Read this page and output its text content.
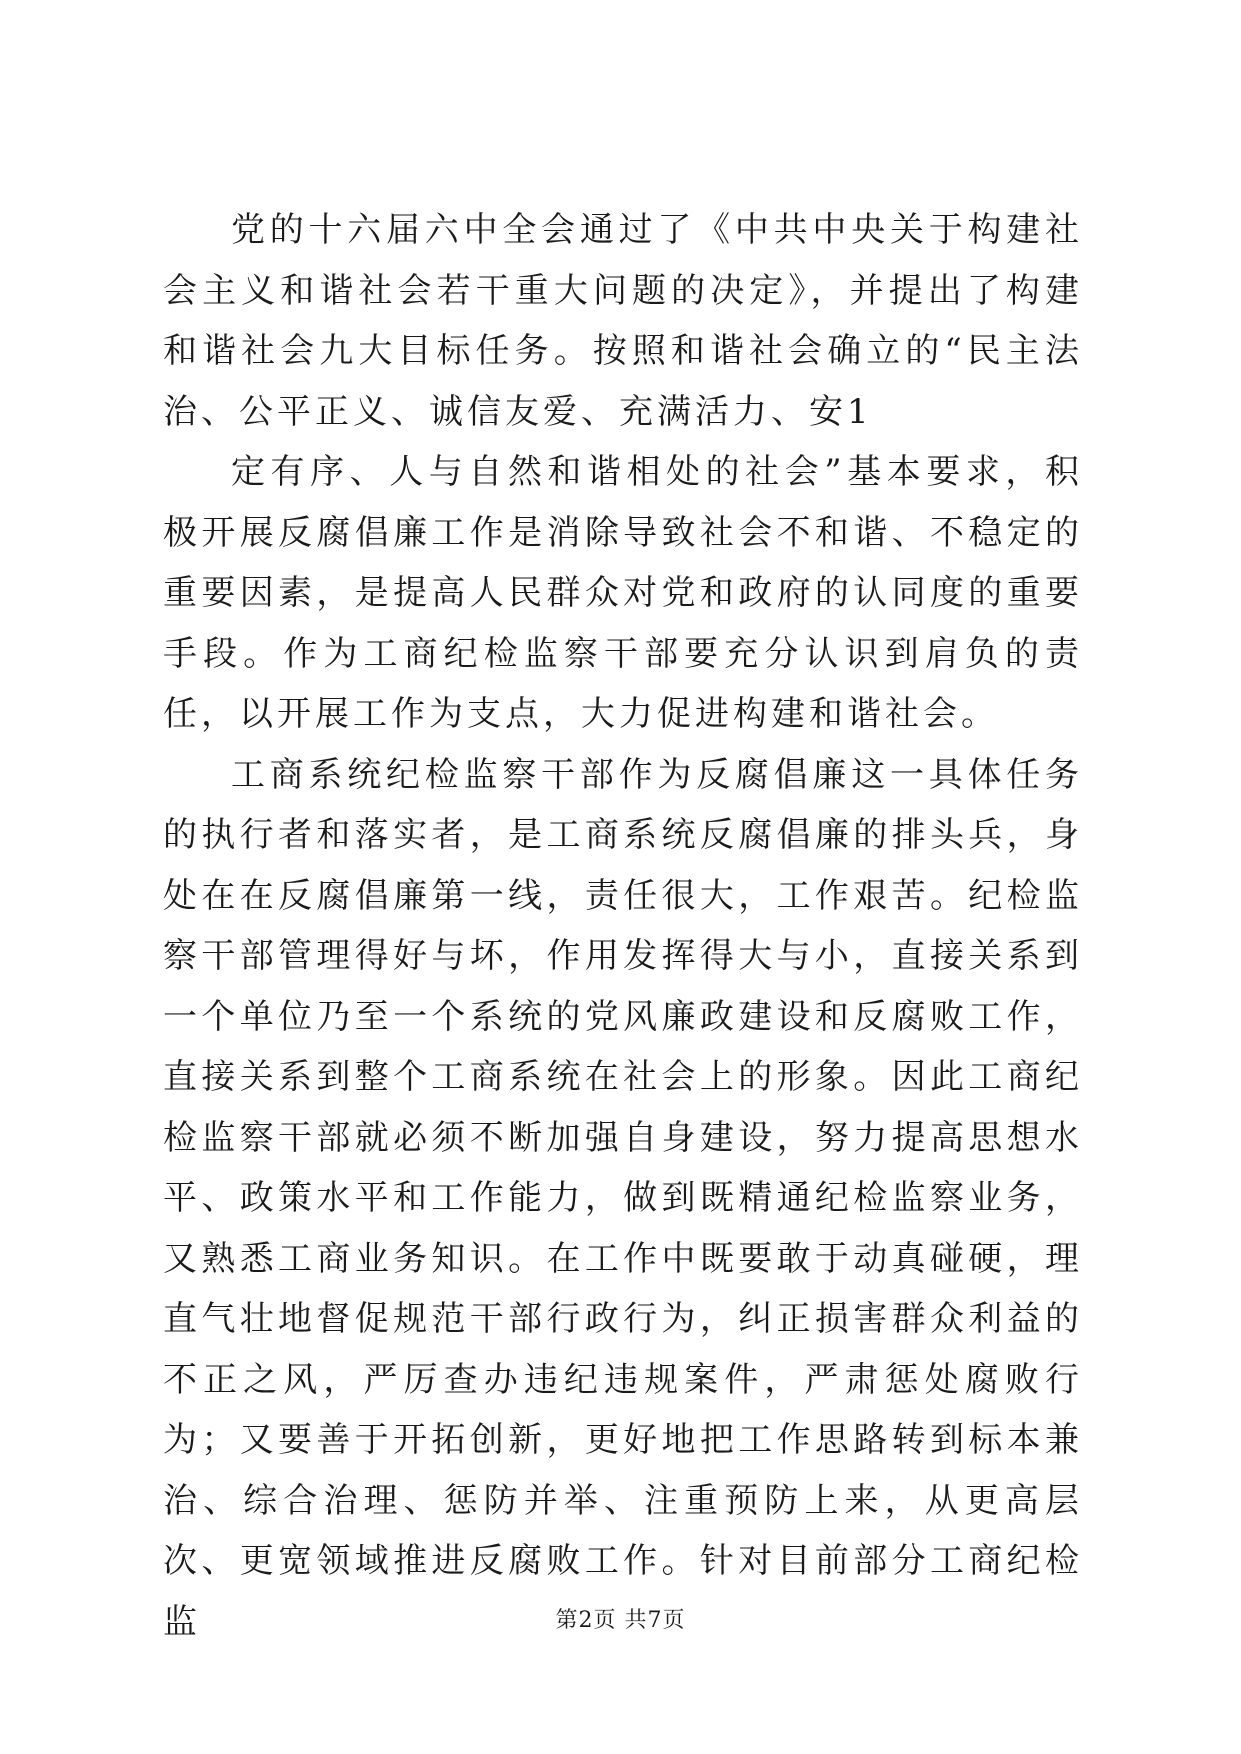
党的十六届六中全会通过了《中共中央关于构建社会主义和谐社会若干重大问题的决定》，并提出了构建和谐社会九大目标任务。按照和谐社会确立的“民主法治、公平正义、诚信友爱、充满活力、安1

定有序、人与自然和谐相处的社会”基本要求，积极开展反腐倡廉工作是消除导致社会不和谐、不稳定的重要因素，是提高人民群众对党和政府的认同度的重要手段。作为工商纪检监察干部要充分认识到肩负的责任，以开展工作为支点，大力促进构建和谐社会。

工商系统纪检监察干部作为反腐倡廉这一具体任务的执行者和落实者，是工商系统反腐倡廉的排头兵，身处在在反腐倡廉第一线，责任很大，工作艰苦。纪检监察干部管理得好与坏，作用发挥得大与小，直接关系到一个单位乃至一个系统的党风廉政建设和反腐败工作，直接关系到整个工商系统在社会上的形象。因此工商纪检监察干部就必须不断加强自身建设，努力提高思想水平、政策水平和工作能力，做到既精通纪检监察业务，又熟悉工商业务知识。在工作中既要敢于动真碰硬，理直气壮地督促规范干部行政行为，纠正损害群众利益的不正之风，严厉查办违纪违规案件，严肃惩处腐败行为；又要善于开拓创新，更好地把工作思路转到标本兼治、综合治理、惩防并举、注重预防上来，从更高层次、更宽领域推进反腐败工作。针对目前部分工商纪检监	第2页 共7页
